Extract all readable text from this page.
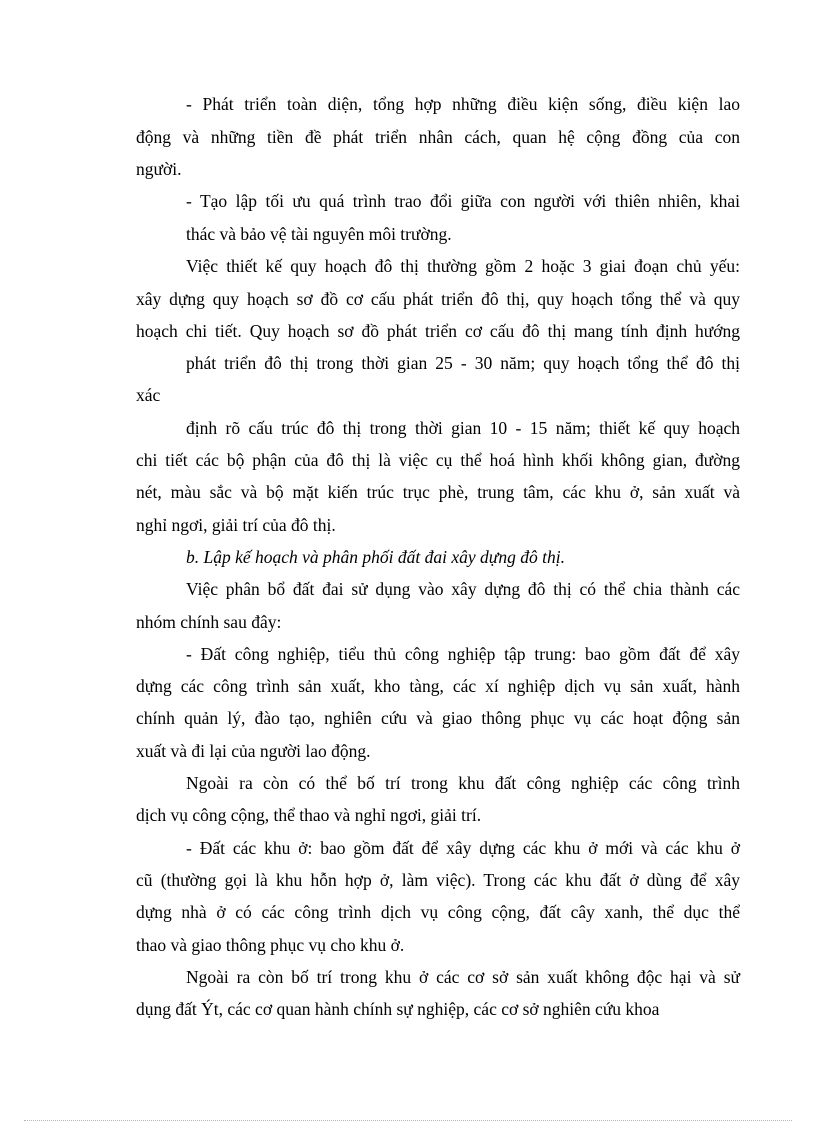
- Phát triển toàn diện, tổng hợp những điều kiện sống, điều kiện lao
động và những tiền đề phát triển nhân cách, quan hệ cộng đồng của con
người.
- Tạo lập tối ưu quá trình trao đổi giữa con người với thiên nhiên, khai
thác và bảo vệ tài nguyên môi trường.
Việc thiết kế quy hoạch đô thị thường gồm 2 hoặc 3 giai đoạn chủ yếu:
xây dựng quy hoạch sơ đồ cơ cấu phát triển đô thị, quy hoạch tổng thể và quy
hoạch chi tiết. Quy hoạch sơ đồ phát triển cơ cấu đô thị mang tính định hướng
phát triển đô thị trong thời gian 25 - 30 năm; quy hoạch tổng thể đô thị
xác
định rõ cấu trúc đô thị trong thời gian 10 - 15 năm; thiết kế quy hoạch
chi tiết các bộ phận của đô thị là việc cụ thể hoá hình khối không gian, đường
nét, màu sắc và bộ mặt kiến trúc trục phè, trung tâm, các khu ở, sản xuất và
nghỉ ngơi, giải trí của đô thị.
b. Lập kế hoạch và phân phối đất đai xây dựng đô thị.
Việc phân bổ đất đai sử dụng vào xây dựng đô thị có thể chia thành các
nhóm chính sau đây:
- Đất công nghiệp, tiểu thủ công nghiệp tập trung: bao gồm đất để xây
dựng các công trình sản xuất, kho tàng, các xí nghiệp dịch vụ sản xuất, hành
chính quản lý, đào tạo, nghiên cứu và giao thông phục vụ các hoạt động sản
xuất và đi lại của người lao động.
Ngoài ra còn có thể bố trí trong khu đất công nghiệp các công trình
dịch vụ công cộng, thể thao và nghỉ ngơi, giải trí.
- Đất các khu ở: bao gồm đất để xây dựng các khu ở mới và các khu ở
cũ (thường gọi là khu hỗn hợp ở, làm việc). Trong các khu đất ở dùng để xây
dựng nhà ở có các công trình dịch vụ công cộng, đất cây xanh, thể dục thể
thao và giao thông phục vụ cho khu ở.
Ngoài ra còn bố trí trong khu ở các cơ sở sản xuất không độc hại và sử
dụng đất Ýt, các cơ quan hành chính sự nghiệp, các cơ sở nghiên cứu khoa
